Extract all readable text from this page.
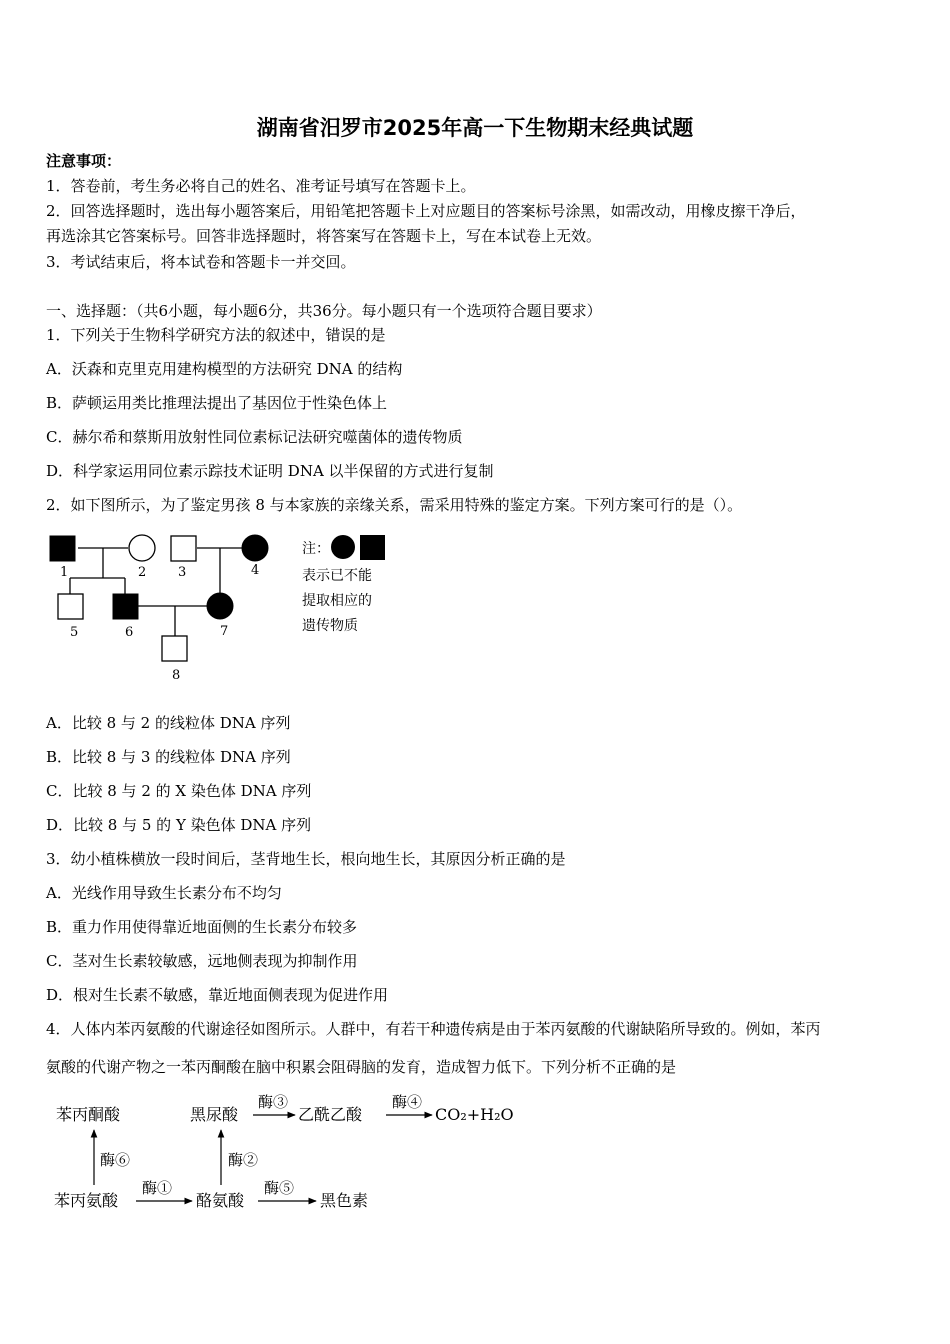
湖南省汨罗市2025年高一下生物期末经典试题
注意事项：
1．答卷前，考生务必将自己的姓名、准考证号填写在答题卡上。
2．回答选择题时，选出每小题答案后，用铅笔把答题卡上对应题目的答案标号涂黑，如需改动，用橡皮擦干净后，
再选涂其它答案标号。回答非选择题时，将答案写在答题卡上，写在本试卷上无效。
3．考试结束后，将本试卷和答题卡一并交回。
一、选择题：（共6小题，每小题6分，共36分。每小题只有一个选项符合题目要求）
1．下列关于生物科学研究方法的叙述中，错误的是
A．沃森和克里克用建构模型的方法研究 DNA 的结构
B．萨顿运用类比推理法提出了基因位于性染色体上
C．赫尔希和蔡斯用放射性同位素标记法研究噬菌体的遗传物质
D．科学家运用同位素示踪技术证明 DNA 以半保留的方式进行复制
2．如下图所示，为了鉴定男孩 8 与本家族的亲缘关系，需采用特殊的鉴定方案。下列方案可行的是（）。
1	2 3	4
5	6	7
8
注：
表示已不能
提取相应的
遗传物质
A．比较 8 与 2 的线粒体 DNA 序列
B．比较 8 与 3 的线粒体 DNA 序列
C．比较 8 与 2 的 X 染色体 DNA 序列
D．比较 8 与 5 的 Y 染色体 DNA 序列
3．幼小植株横放一段时间后，茎背地生长，根向地生长，其原因分析正确的是
A．光线作用导致生长素分布不均匀
B．重力作用使得靠近地面侧的生长素分布较多
C．茎对生长素较敏感，远地侧表现为抑制作用
D．根对生长素不敏感，靠近地面侧表现为促进作用
4．人体内苯丙氨酸的代谢途径如图所示。人群中，有若干种遗传病是由于苯丙氨酸的代谢缺陷所导致的。例如，苯丙
氨酸的代谢产物之一苯丙酮酸在脑中积累会阻碍脑的发育，造成智力低下。下列分析不正确的是
苯丙酮酸	黑尿酸	乙酰乙酸	CO₂+H₂O
苯丙氨酸	酪氨酸	黑色素
酶③	酶④
酶①	酶⑤
酶⑥	酶②
